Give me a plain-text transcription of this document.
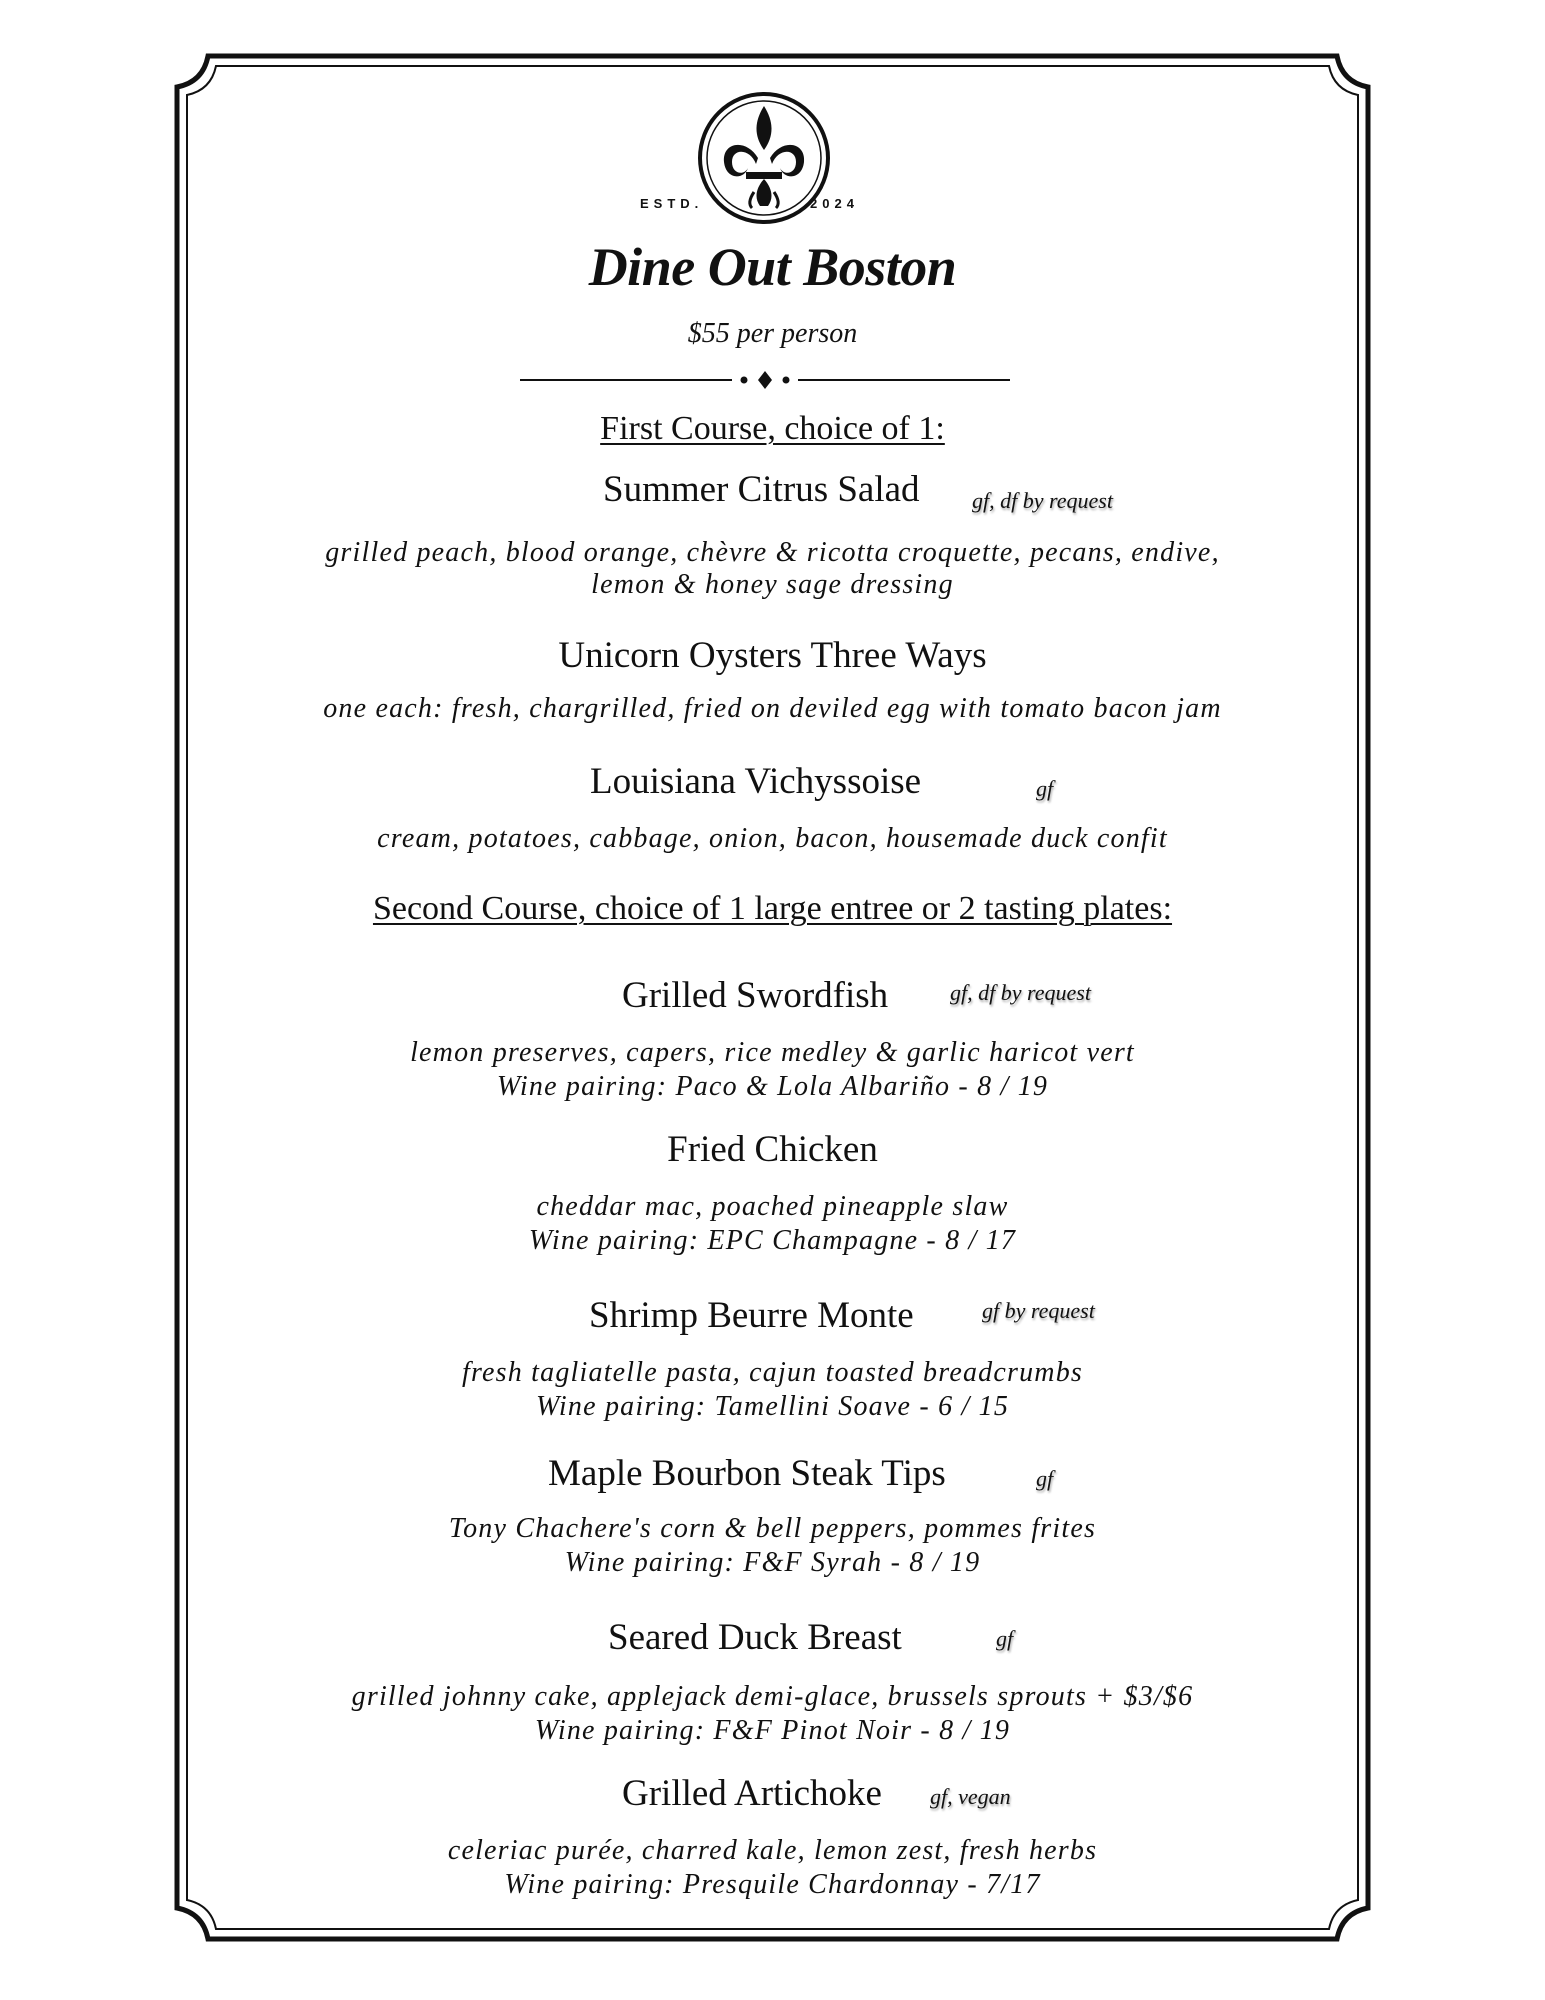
ESTD.	2024
Dine Out Boston
$55 per person
First Course, choice of 1:
Summer Citrus Salad gf, df by request
grilled peach, blood orange, chèvre & ricotta croquette, pecans, endive,
lemon & honey sage dressing
Unicorn Oysters Three Ways
one each: fresh, chargrilled, fried on deviled egg with tomato bacon jam
Louisiana Vichyssoise	gf
cream, potatoes, cabbage, onion, bacon, housemade duck confit
Second Course, choice of 1 large entree or 2 tasting plates:
Grilled Swordfish	gf, df by request
lemon preserves, capers, rice medley & garlic haricot vert
Wine pairing: Paco & Lola Albariño - 8 / 19
Fried Chicken
cheddar mac, poached pineapple slaw
Wine pairing: EPC Champagne - 8 / 17
Shrimp Beurre Monte	gf by request
fresh tagliatelle pasta, cajun toasted breadcrumbs
Wine pairing: Tamellini Soave - 6 / 15
Maple Bourbon Steak Tips	gf
Tony Chachere's corn & bell peppers, pommes frites
Wine pairing: F&F Syrah - 8 / 19
Seared Duck Breast	gf
grilled johnny cake, applejack demi-glace, brussels sprouts + $3/$6
Wine pairing: F&F Pinot Noir - 8 / 19
Grilled Artichoke gf, vegan
celeriac purée, charred kale, lemon zest, fresh herbs
Wine pairing: Presquile Chardonnay - 7/17
